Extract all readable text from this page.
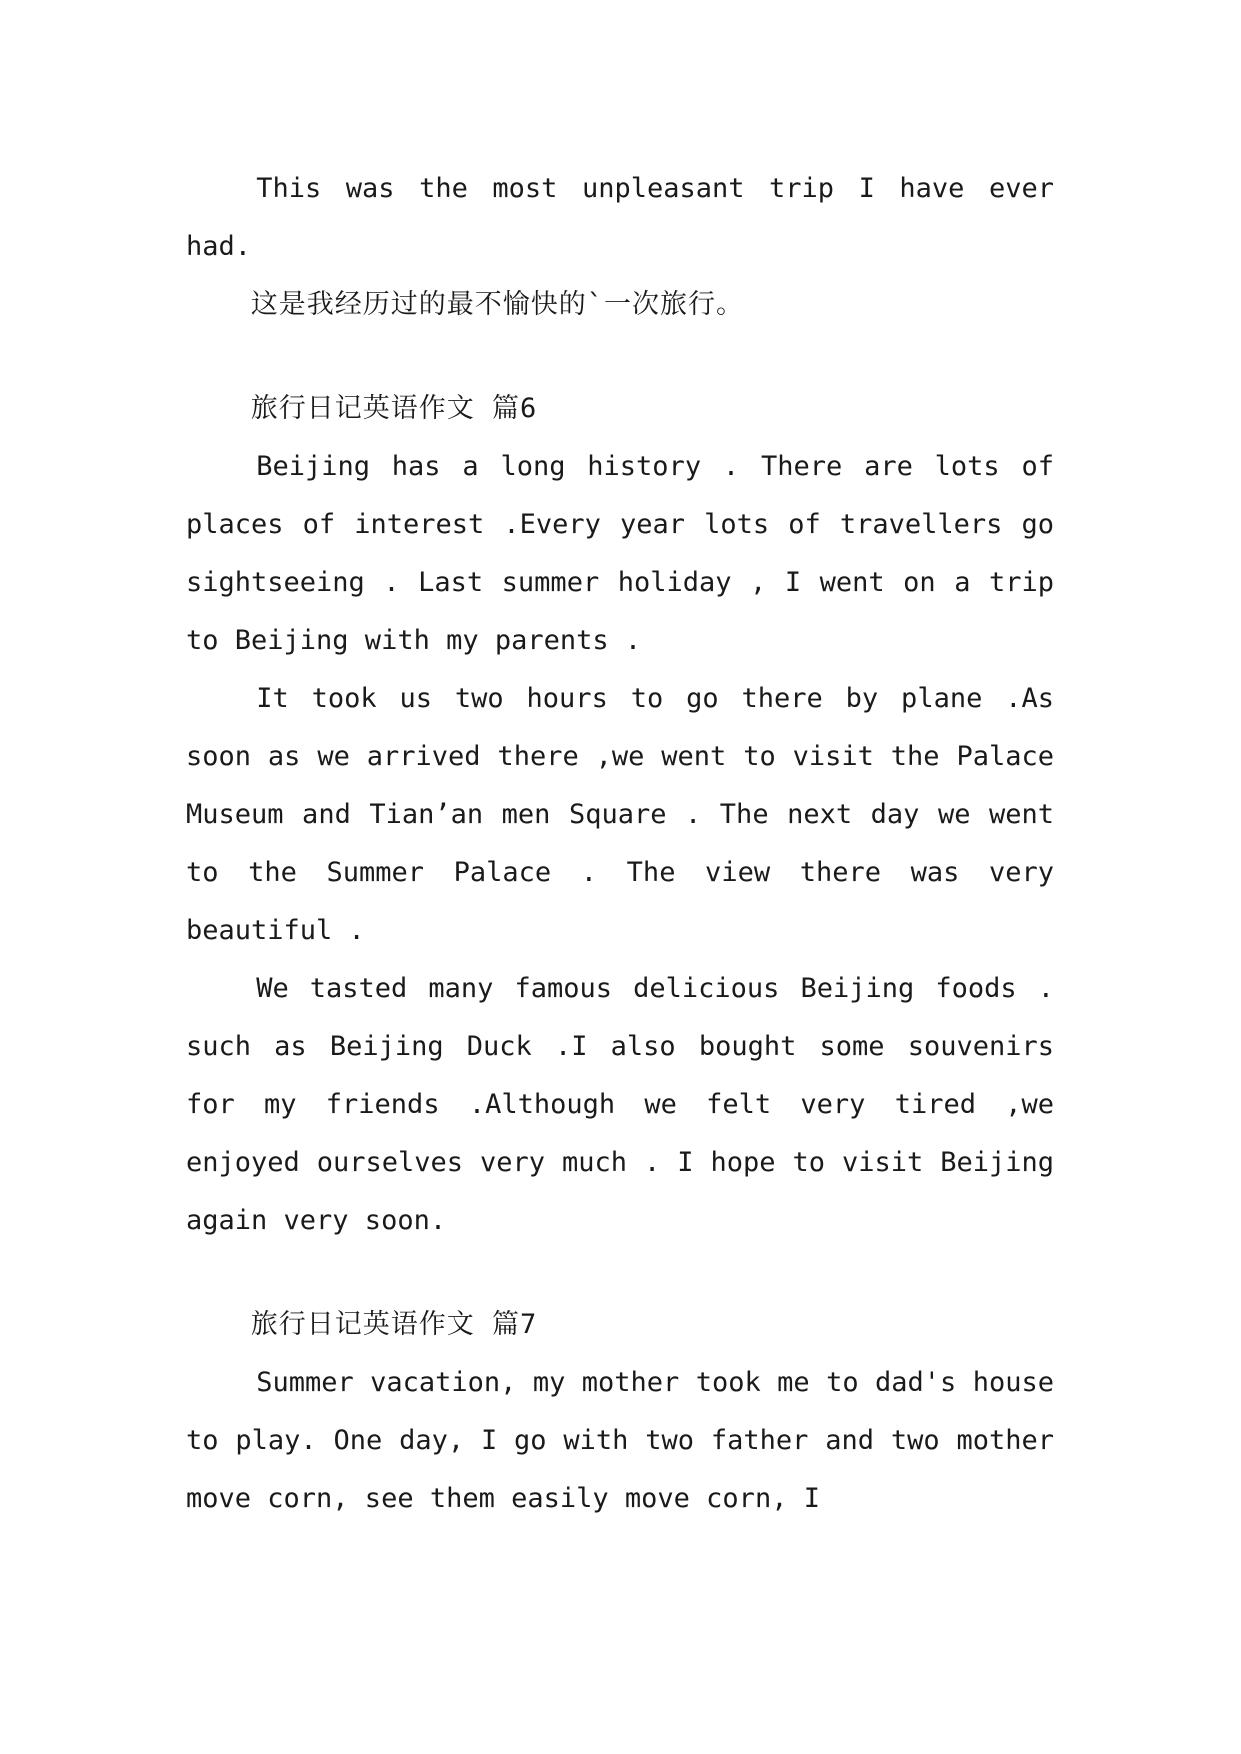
This was the most unpleasant trip I have ever had.

这是我经历过的最不愉快的`一次旅行。

旅行日记英语作文 篇6

Beijing has a long history . There are lots of places of interest .Every year lots of travellers go sightseeing . Last summer holiday , I went on a trip to Beijing with my parents .

It took us two hours to go there by plane .As soon as we arrived there ,we went to visit the Palace Museum and Tian’an men Square . The next day we went to the Summer Palace . The view there was very beautiful .

We tasted many famous delicious Beijing foods . such as Beijing Duck .I also bought some souvenirs for my friends .Although we felt very tired ,we enjoyed ourselves very much . I hope to visit Beijing again very soon.

旅行日记英语作文 篇7

Summer vacation, my mother took me to dad's house to play. One day, I go with two father and two mother move corn, see them easily move corn, I
